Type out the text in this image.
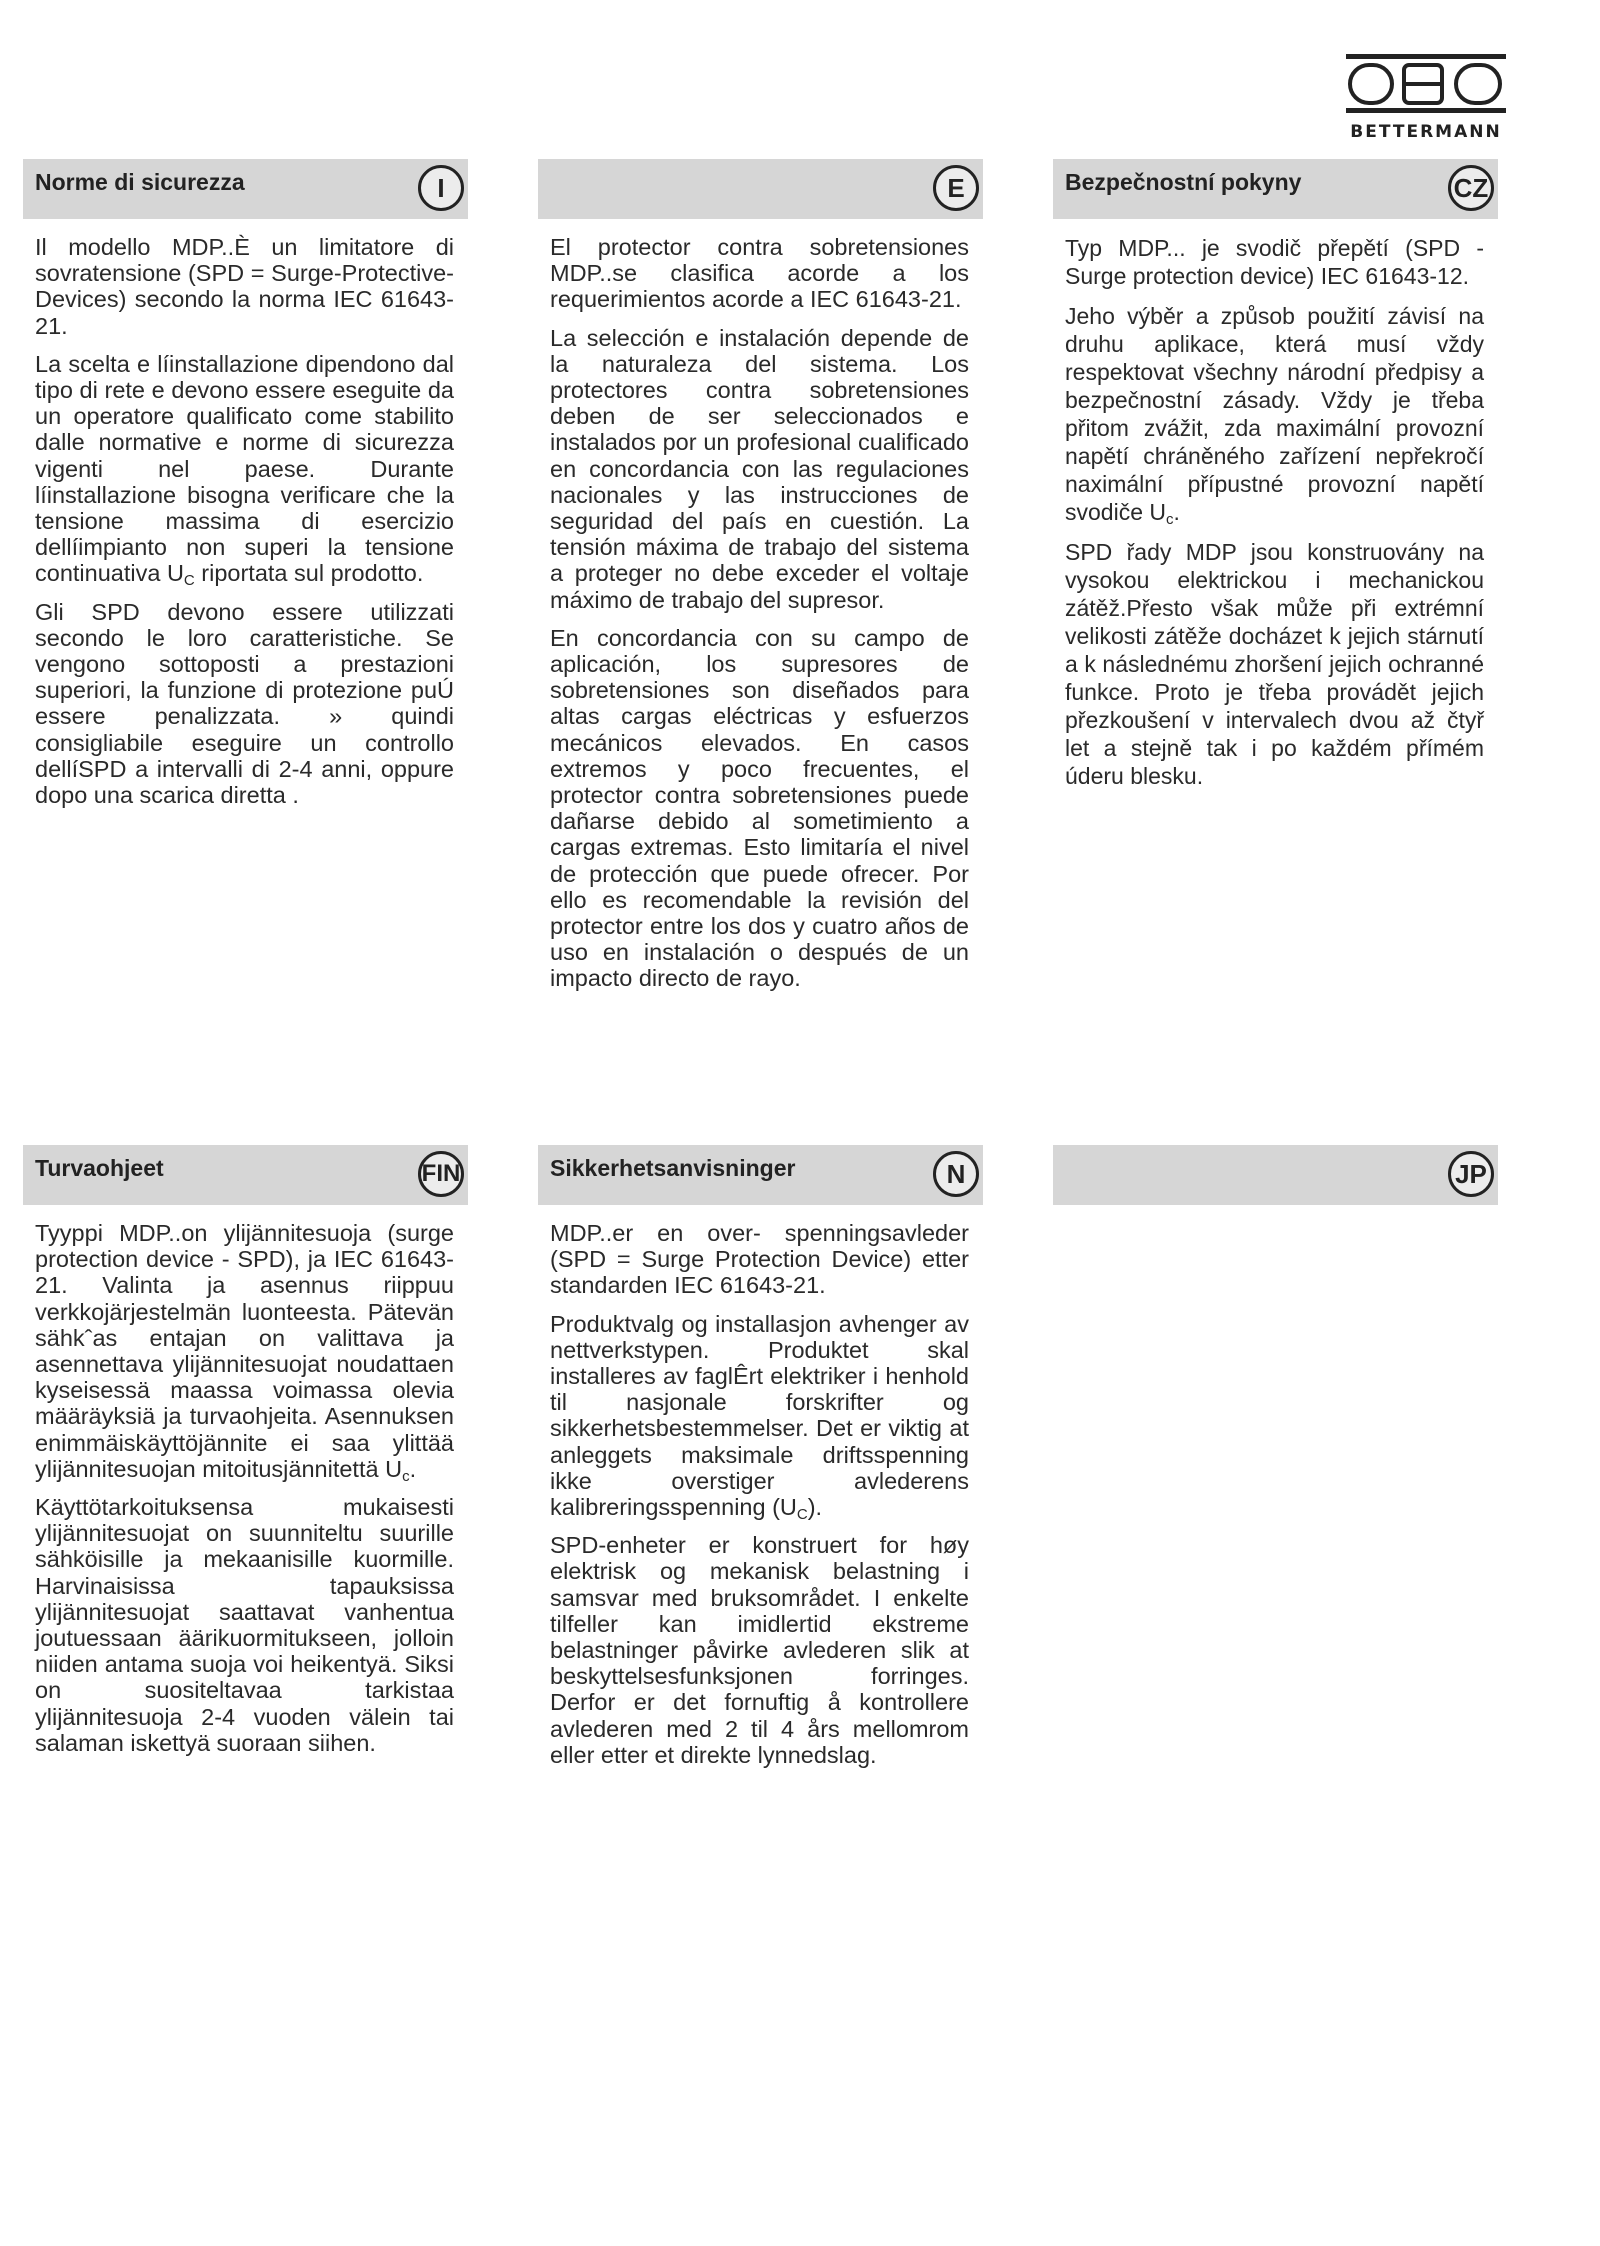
BETTERMANN
Norme di sicurezza	I

Il modello MDP..È un limitatore di sovratensione (SPD = Surge-Protective-Devices) secondo la norma IEC 61643-21.

La scelta e líinstallazione dipendono dal tipo di rete e devono essere eseguite da un operatore qualificato come stabilito dalle normative e norme di sicurezza vigenti nel paese. Durante líinstallazione bisogna verificare che la tensione massima di esercizio dellíimpianto non superi la tensione continuativa $U_C$ riportata sul prodotto.

Gli SPD devono essere utilizzati secondo le loro caratteristiche. Se vengono sottoposti a prestazioni superiori, la funzione di protezione puÚ essere penalizzata. » quindi consigliabile eseguire un controllo dellíSPD a intervalli di 2-4 anni, oppure dopo una scarica diretta .

E

El protector contra sobretensiones MDP..se clasifica acorde a los requerimientos acorde a IEC 61643-21.

La selección e instalación depende de la naturaleza del sistema. Los protectores contra sobretensiones deben de ser seleccionados e instalados por un profesional cualificado en concordancia con las regulaciones nacionales y las instrucciones de seguridad del país en cuestión. La tensión máxima de trabajo del sistema a proteger no debe exceder el voltaje máximo de trabajo del supresor.

En concordancia con su campo de aplicación, los supresores de sobretensiones son diseñados para altas cargas eléctricas y esfuerzos mecánicos elevados. En casos extremos y poco frecuentes, el protector contra sobretensiones puede dañarse debido al sometimiento a cargas extremas. Esto limitaría el nivel de protección que puede ofrecer. Por ello es recomendable la revisión del protector entre los dos y cuatro años de uso en instalación o después de un impacto directo de rayo.

Bezpečnostní pokyny	CZ

Typ MDP... je svodič přepětí (SPD - Surge protection device) IEC 61643-12.

Jeho výběr a způsob použití závisí na druhu aplikace, která musí vždy respektovat všechny národní předpisy a bezpečnostní zásady. Vždy je třeba přitom zvážit, zda maximální provozní napětí chráněného zařízení nepřekročí naximální přípustné provozní napětí svodiče $U_c$.

SPD řady MDP jsou konstruovány na vysokou elektrickou i mechanickou zátěž.Přesto však může při extrémní velikosti zátěže docházet k jejich stárnutí a k následnému zhoršení jejich ochranné funkce. Proto je třeba provádět jejich přezkoušení v intervalech dvou až čtyř let a stejně tak i po každém přímém úderu blesku.

Turvaohjeet	FIN

Tyyppi MDP..on ylijännitesuoja (surge protection device - SPD), ja IEC 61643-21. Valinta ja asennus riippuu verkkojärjestelmän luonteesta. Pätevän sähkˆas entajan on valittava ja asennettava ylijännitesuojat noudattaen kyseisessä maassa voimassa olevia määräyksiä ja turvaohjeita. Asennuksen enimmäiskäyttöjännite ei saa ylittää ylijännitesuojan mitoitusjännitettä $U_c$.

Käyttötarkoituksensa mukaisesti ylijännitesuojat on suunniteltu suurille sähköisille ja mekaanisille kuormille. Harvinaisissa tapauksissa ylijännitesuojat saattavat vanhentua joutuessaan äärikuormitukseen, jolloin niiden antama suoja voi heikentyä. Siksi on suositeltavaa tarkistaa ylijännitesuoja 2-4 vuoden välein tai salaman iskettyä suoraan siihen.

Sikkerhetsanvisninger	N

MDP..er en over- spenningsavleder (SPD = Surge Protection Device) etter standarden IEC 61643-21.

Produktvalg og installasjon avhenger av nettverkstypen. Produktet skal installeres av faglÊrt elektriker i henhold til nasjonale forskrifter og sikkerhetsbestemmelser. Det er viktig at anleggets maksimale driftsspenning ikke overstiger avlederens kalibreringsspenning $(U_C)$.

SPD-enheter er konstruert for høy elektrisk og mekanisk belastning i samsvar med bruksområdet. I enkelte tilfeller kan imidlertid ekstreme belastninger påvirke avlederen slik at beskyttelsesfunksjonen forringes. Derfor er det fornuftig å kontrollere avlederen med 2 til 4 års mellomrom eller etter et direkte lynnedslag.

JP
